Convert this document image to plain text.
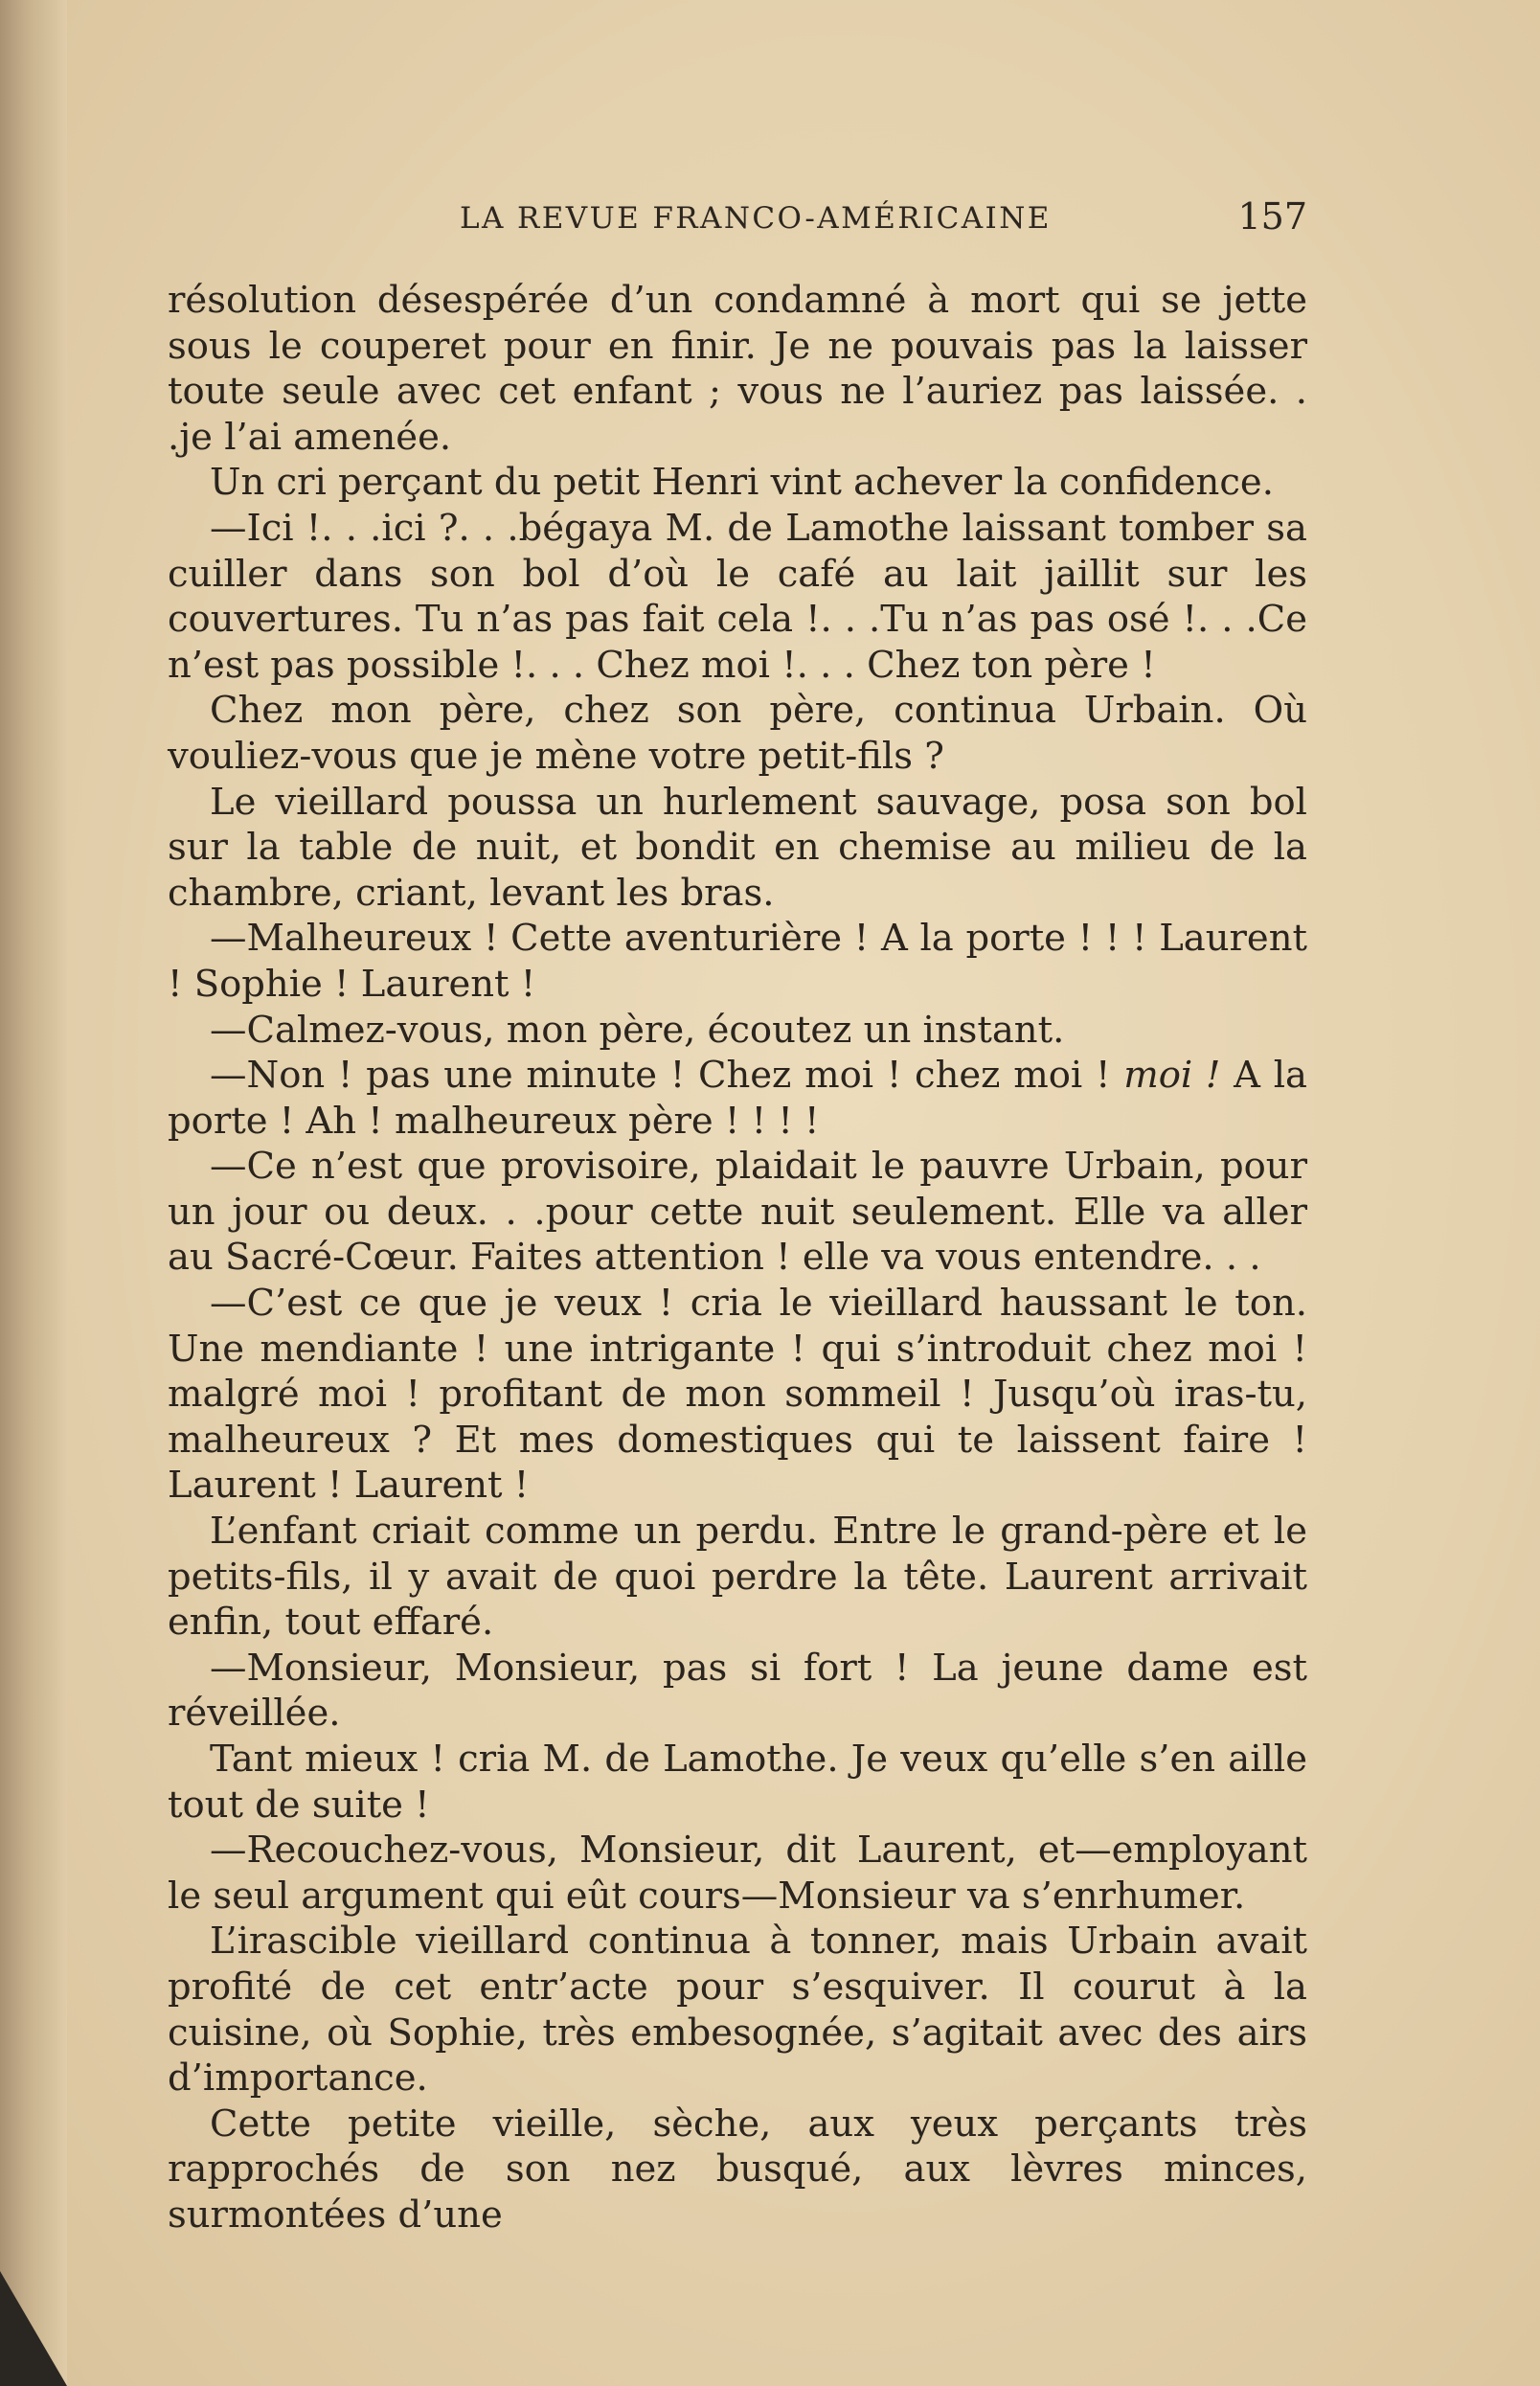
LA REVUE FRANCO-AMÉRICAINE	157

résolution désespérée d’un condamné à mort qui se jette sous le couperet pour en finir. Je ne pouvais pas la laisser toute seule avec cet enfant ; vous ne l’auriez pas laissée. . .je l’ai amenée.

Un cri perçant du petit Henri vint achever la confidence.

—Ici !. . .ici ?. . .bégaya M. de Lamothe laissant tomber sa cuiller dans son bol d’où le café au lait jaillit sur les couvertures. Tu n’as pas fait cela !. . .Tu n’as pas osé !. . .Ce n’est pas possible !. . . Chez moi !. . . Chez ton père !

Chez mon père, chez son père, continua Urbain. Où vouliez-vous que je mène votre petit-fils ?

Le vieillard poussa un hurlement sauvage, posa son bol sur la table de nuit, et bondit en chemise au milieu de la chambre, criant, levant les bras.

—Malheureux ! Cette aventurière ! A la porte ! ! ! Laurent ! Sophie ! Laurent !

—Calmez-vous, mon père, écoutez un instant.

—Non ! pas une minute ! Chez moi ! chez moi ! moi ! A la porte ! Ah ! malheureux père ! ! ! !

—Ce n’est que provisoire, plaidait le pauvre Urbain, pour un jour ou deux. . .pour cette nuit seulement. Elle va aller au Sacré-Cœur. Faites attention ! elle va vous entendre. . .

—C’est ce que je veux ! cria le vieillard haussant le ton. Une mendiante ! une intrigante ! qui s’introduit chez moi ! malgré moi ! profitant de mon sommeil ! Jusqu’où iras-tu, malheureux ? Et mes domestiques qui te laissent faire ! Laurent ! Laurent !

L’enfant criait comme un perdu. Entre le grand-père et le petits-fils, il y avait de quoi perdre la tête. Laurent arrivait enfin, tout effaré.

—Monsieur, Monsieur, pas si fort ! La jeune dame est réveillée.

Tant mieux ! cria M. de Lamothe. Je veux qu’elle s’en aille tout de suite !

—Recouchez-vous, Monsieur, dit Laurent, et—employant le seul argument qui eût cours—Monsieur va s’enrhumer.

L’irascible vieillard continua à tonner, mais Urbain avait profité de cet entr’acte pour s’esquiver. Il courut à la cuisine, où Sophie, très embesognée, s’agitait avec des airs d’importance.

Cette petite vieille, sèche, aux yeux perçants très rapprochés de son nez busqué, aux lèvres minces, surmontées d’une
